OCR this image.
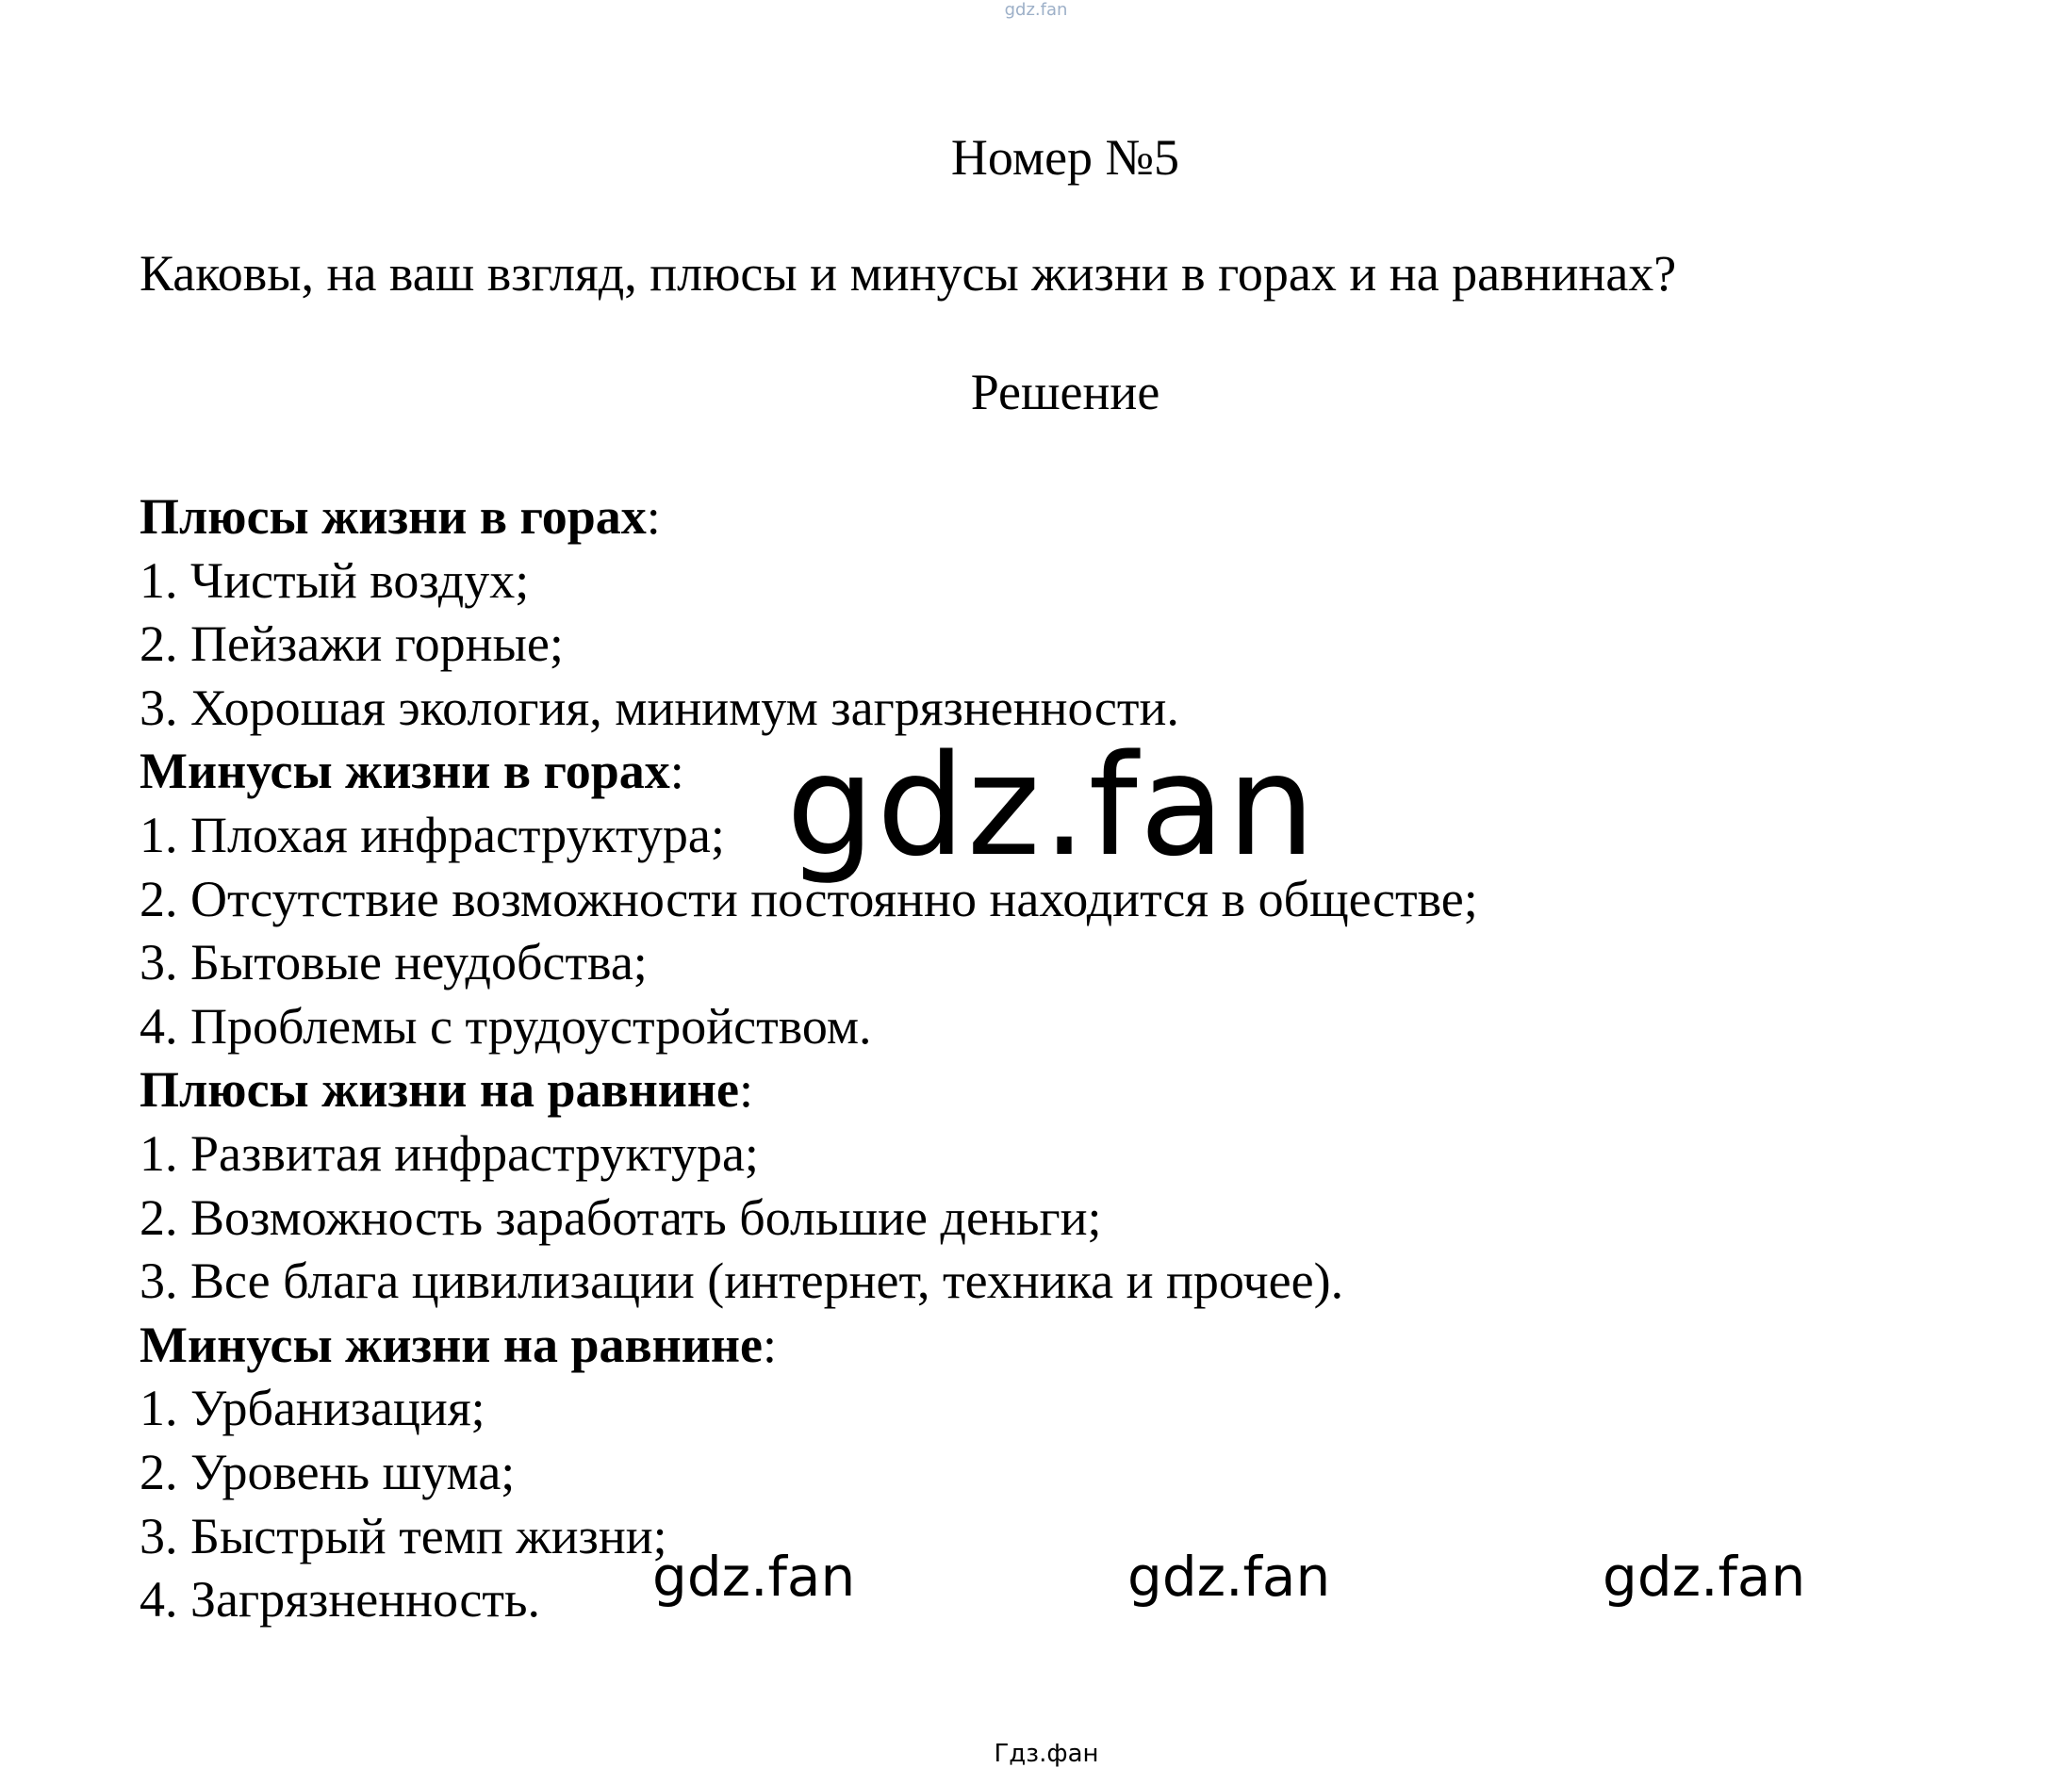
gdz.fan
Номер №5
Каковы, на ваш взгляд, плюсы и минусы жизни в горах и на равнинах?
Решение
Плюсы жизни в горах:
1. Чистый воздух;
2. Пейзажи горные;
3. Хорошая экология, минимум загрязненности.
Минусы жизни в горах:
1. Плохая инфраструктура;
2. Отсутствие возможности постоянно находится в обществе;
3. Бытовые неудобства;
4. Проблемы с трудоустройством.
Плюсы жизни на равнине:
1. Развитая инфраструктура;
2. Возможность заработать большие деньги;
3. Все блага цивилизации (интернет, техника и прочее).
Минусы жизни на равнине:
1. Урбанизация;
2. Уровень шума;
3. Быстрый темп жизни;
4. Загрязненность.
gdz.fan
gdz.fan	gdz.fan	gdz.fan
Гдз.фан
